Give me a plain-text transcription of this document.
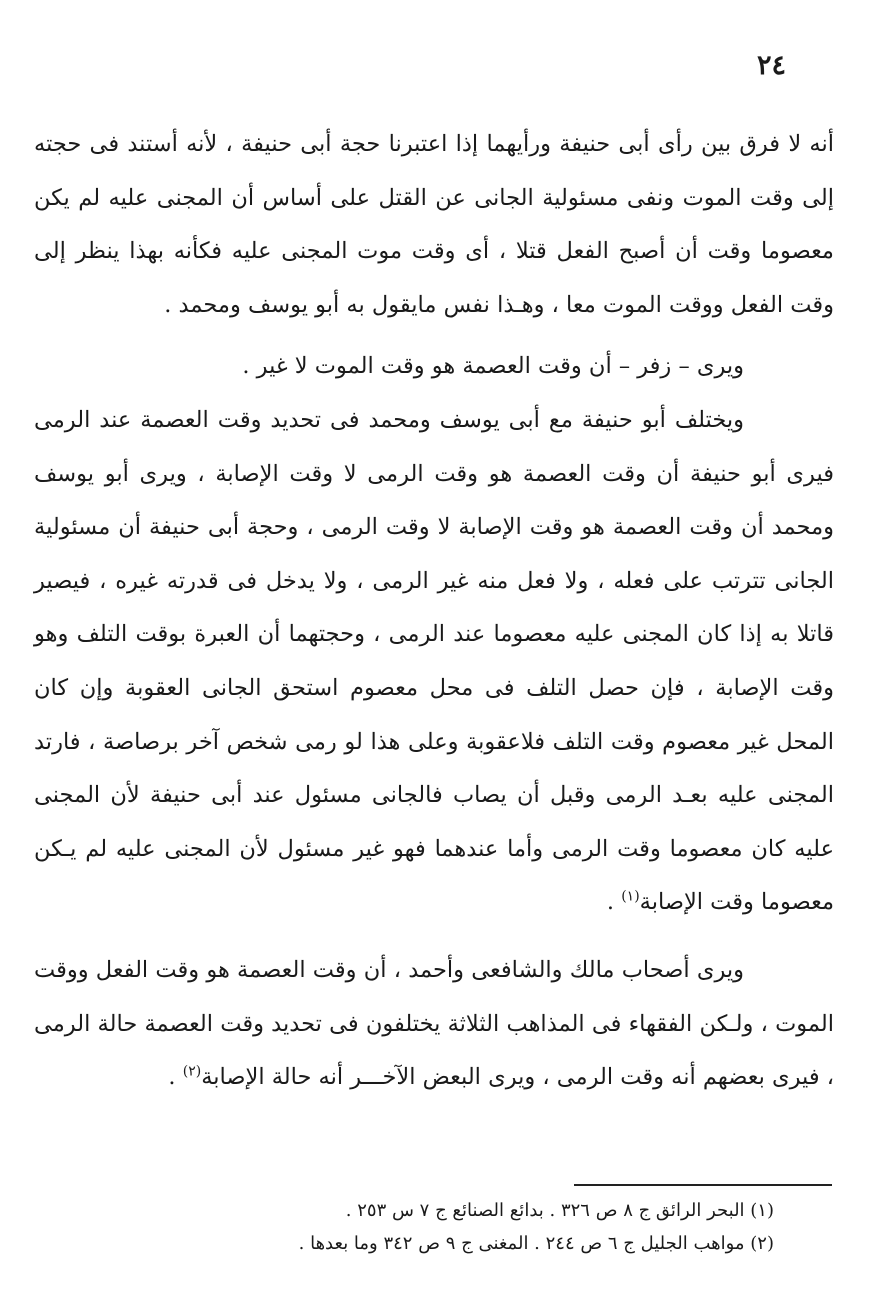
٢٤

أنه لا فرق بين رأى أبى حنيفة ورأيهما إذا اعتبرنا حجة أبى حنيفة ، لأنه أستند فى حجته إلى وقت الموت ونفى مسئولية الجانى عن القتل على أساس أن المجنى عليه لم يكن معصوما وقت أن أصبح الفعل قتلا ، أى وقت موت المجنى عليه فكأنه بهذا ينظر إلى وقت الفعل ووقت الموت معا ، وهـذا نفس مايقول به أبو يوسف ومحمد .

ويرى – زفر – أن وقت العصمة هو وقت الموت لا غير .

ويختلف أبو حنيفة مع أبى يوسف ومحمد فى تحديد وقت العصمة عند الرمى فيرى أبو حنيفة أن وقت العصمة هو وقت الرمى لا وقت الإصابة ، ويرى أبو يوسف ومحمد أن وقت العصمة هو وقت الإصابة لا وقت الرمى ، وحجة أبى حنيفة أن مسئولية الجانى تترتب على فعله ، ولا فعل منه غير الرمى ، ولا يدخل فى قدرته غيره ، فيصير قاتلا به إذا كان المجنى عليه معصوما عند الرمى ، وحجتهما أن العبرة بوقت التلف وهو وقت الإصابة ، فإن حصل التلف فى محل معصوم استحق الجانى العقوبة وإن كان المحل غير معصوم وقت التلف فلاعقوبة وعلى هذا لو رمى شخص آخر برصاصة ، فارتد المجنى عليه بعـد الرمى وقبل أن يصاب فالجانى مسئول عند أبى حنيفة لأن المجنى عليه كان معصوما وقت الرمى وأما عندهما فهو غير مسئول لأن المجنى عليه لم يـكن معصوما وقت الإصابة$^{(١)}$ .

ويرى أصحاب مالك والشافعى وأحمد ، أن وقت العصمة هو وقت الفعل ووقت الموت ، ولـكن الفقهاء فى المذاهب الثلاثة يختلفون فى تحديد وقت العصمة حالة الرمى ، فيرى بعضهم أنه وقت الرمى ، ويرى البعض الآخـــر أنه حالة الإصابة$^{(٢)}$ .

(١) البحر الرائق ج ٨ ص ٣٢٦ . بدائع الصنائع ج ٧ س ٢٥٣ .
(٢) مواهب الجليل ج ٦ ص ٢٤٤ . المغنى ج ٩ ص ٣٤٢ وما بعدها .
